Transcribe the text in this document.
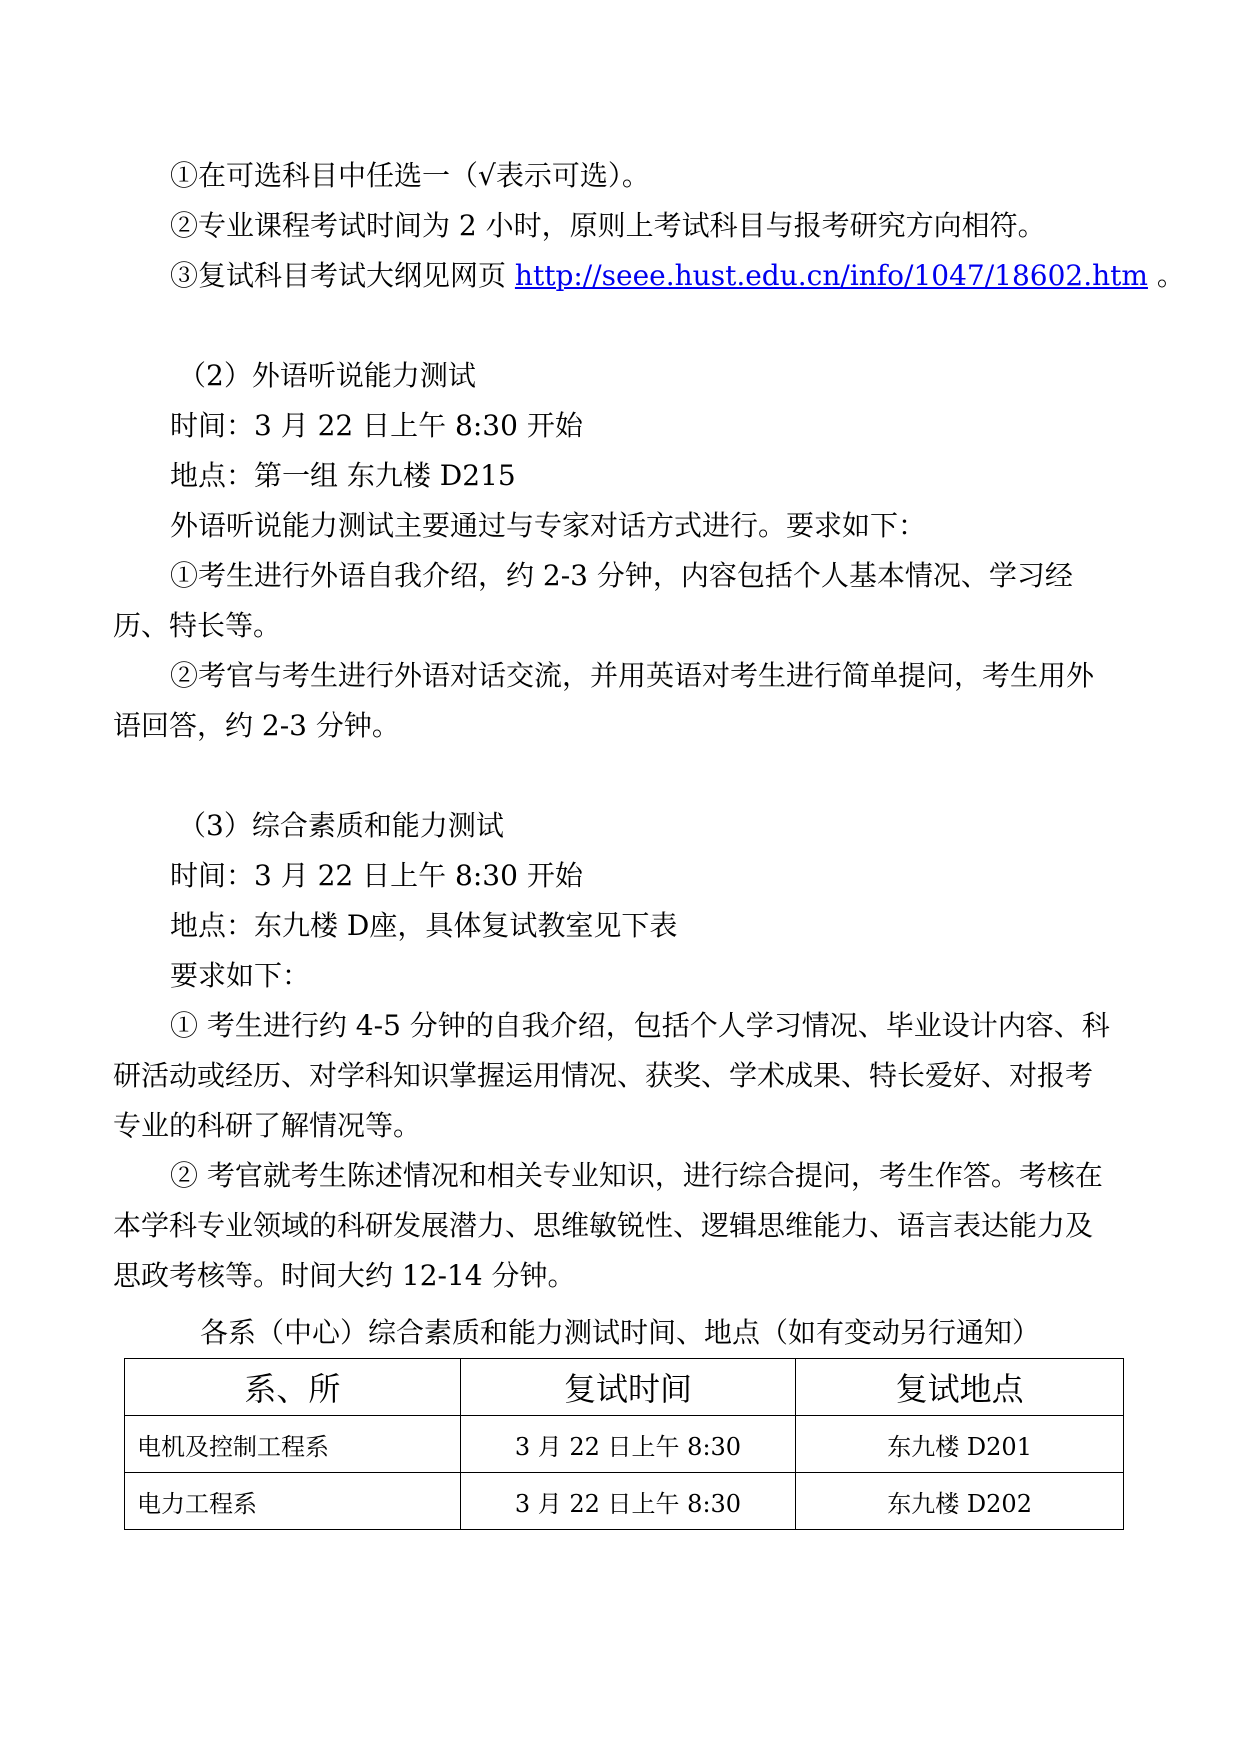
①在可选科目中任选一（√表示可选）。
②专业课程考试时间为 2 小时，原则上考试科目与报考研究方向相符。
③复试科目考试大纲见网页 http://seee.hust.edu.cn/info/1047/18602.htm 。
（2）外语听说能力测试
时间：3 月 22 日上午 8:30 开始
地点：第一组 东九楼 D215
外语听说能力测试主要通过与专家对话方式进行。要求如下：
①考生进行外语自我介绍，约 2-3 分钟，内容包括个人基本情况、学习经
历、特长等。
②考官与考生进行外语对话交流，并用英语对考生进行简单提问，考生用外
语回答，约 2-3 分钟。
（3）综合素质和能力测试
时间：3 月 22 日上午 8:30 开始
地点：东九楼 D座，具体复试教室见下表
要求如下：
① 考生进行约 4-5 分钟的自我介绍，包括个人学习情况、毕业设计内容、科
研活动或经历、对学科知识掌握运用情况、获奖、学术成果、特长爱好、对报考
专业的科研了解情况等。
② 考官就考生陈述情况和相关专业知识，进行综合提问，考生作答。考核在
本学科专业领域的科研发展潜力、思维敏锐性、逻辑思维能力、语言表达能力及
思政考核等。时间大约 12-14 分钟。
各系（中心）综合素质和能力测试时间、地点（如有变动另行通知）
系、所	复试时间	复试地点
电机及控制工程系	3 月 22 日上午 8:30	东九楼 D201
电力工程系	3 月 22 日上午 8:30	东九楼 D202
